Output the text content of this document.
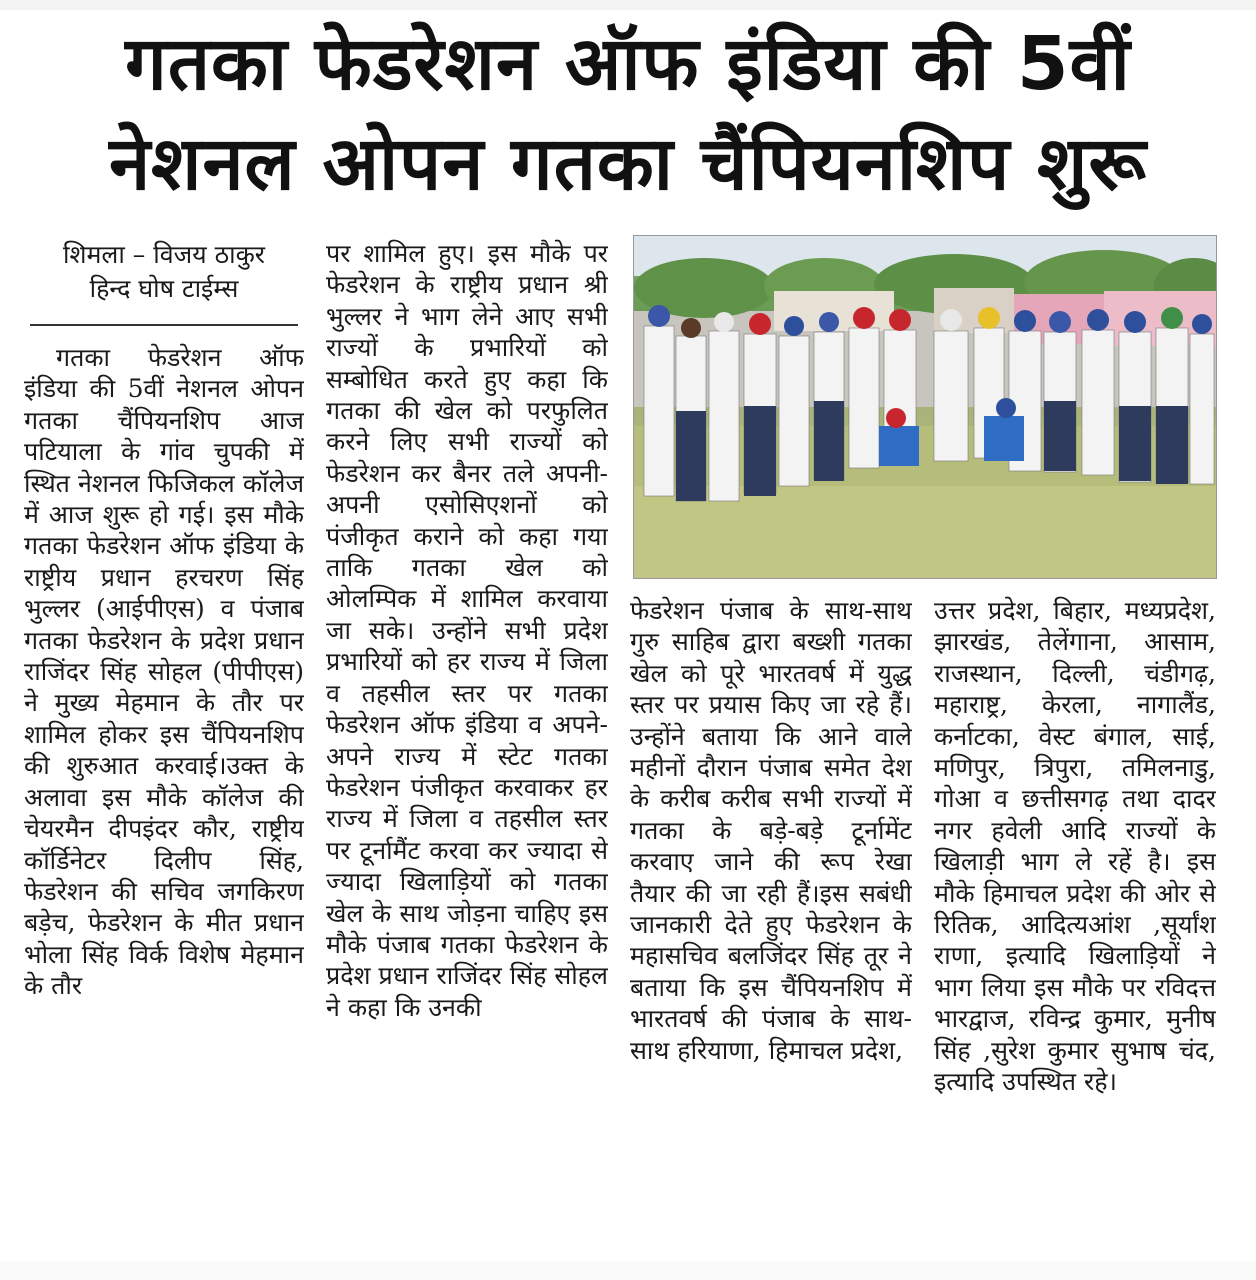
गतका फेडरेशन ऑफ इंडिया की 5वीं
नेशनल ओपन गतका चैंपियनशिप शुरू
शिमला – विजय ठाकुर
हिन्द घोष टाईम्स

गतका फेडरेशन ऑफ इंडिया की 5वीं नेशनल ओपन गतका चैंपियनशिप आज पटियाला के गांव चुपकी में स्थित नेशनल फिजिकल कॉलेज में आज शुरू हो गई। इस मौके गतका फेडरेशन ऑफ इंडिया के राष्ट्रीय प्रधान हरचरण सिंह भुल्लर (आईपीएस) व पंजाब गतका फेडरेशन के प्रदेश प्रधान राजिंदर सिंह सोहल (पीपीएस) ने मुख्य मेहमान के तौर पर शामिल होकर इस चैंपियनशिप की शुरुआत करवाई।उक्त के अलावा इस मौके कॉलेज की चेयरमैन दीपइंदर कौर, राष्ट्रीय कॉर्डिनेटर दिलीप सिंह, फेडरेशन की सचिव जगकिरण बड़ेच, फेडरेशन के मीत प्रधान भोला सिंह विर्क विशेष मेहमान के तौर

पर शामिल हुए। इस मौके पर फेडरेशन के राष्ट्रीय प्रधान श्री भुल्लर ने भाग लेने आए सभी राज्यों के प्रभारियों को सम्बोधित करते हुए कहा कि गतका की खेल को परफुलित करने लिए सभी राज्यों को फेडरेशन कर बैनर तले अपनी-अपनी एसोसिएशनों को पंजीकृत कराने को कहा गया ताकि गतका खेल को ओलम्पिक में शामिल करवाया जा सके। उन्होंने सभी प्रदेश प्रभारियों को हर राज्य में जिला व तहसील स्तर पर गतका फेडरेशन ऑफ इंडिया व अपने-अपने राज्य में स्टेट गतका फेडरेशन पंजीकृत करवाकर हर राज्य में जिला व तहसील स्तर पर टूर्नामैंट करवा कर ज्यादा से ज्यादा खिलाड़ियों को गतका खेल के साथ जोड़ना चाहिए इस मौके पंजाब गतका फेडरेशन के प्रदेश प्रधान राजिंदर सिंह सोहल ने कहा कि उनकी

फेडरेशन पंजाब के साथ-साथ गुरु साहिब द्वारा बख्शी गतका खेल को पूरे भारतवर्ष में युद्ध स्तर पर प्रयास किए जा रहे हैं। उन्होंने बताया कि आने वाले महीनों दौरान पंजाब समेत देश के करीब करीब सभी राज्यों में गतका के बड़े-बड़े टूर्नामेंट करवाए जाने की रूप रेखा तैयार की जा रही हैं।इस सबंधी जानकारी देते हुए फेडरेशन के महासचिव बलजिंदर सिंह तूर ने बताया कि इस चैंपियनशिप में भारतवर्ष की पंजाब के साथ-साथ हरियाणा, हिमाचल प्रदेश,

उत्तर प्रदेश, बिहार, मध्यप्रदेश, झारखंड, तेलेंगाना, आसाम, राजस्थान, दिल्ली, चंडीगढ़, महाराष्ट्र, केरला, नागालैंड, कर्नाटका, वेस्ट बंगाल, साई, मणिपुर, त्रिपुरा, तमिलनाडु, गोआ व छत्तीसगढ़ तथा दादर नगर हवेली आदि राज्यों के खिलाड़ी भाग ले रहें है। इस मौके हिमाचल प्रदेश की ओर से रितिक, आदित्यआंश ,सूर्यांश राणा, इत्यादि खिलाड़ियों ने भाग लिया इस मौके पर रविदत्त भारद्वाज, रविन्द्र कुमार, मुनीष सिंह ,सुरेश कुमार सुभाष चंद, इत्यादि उपस्थित रहे।
